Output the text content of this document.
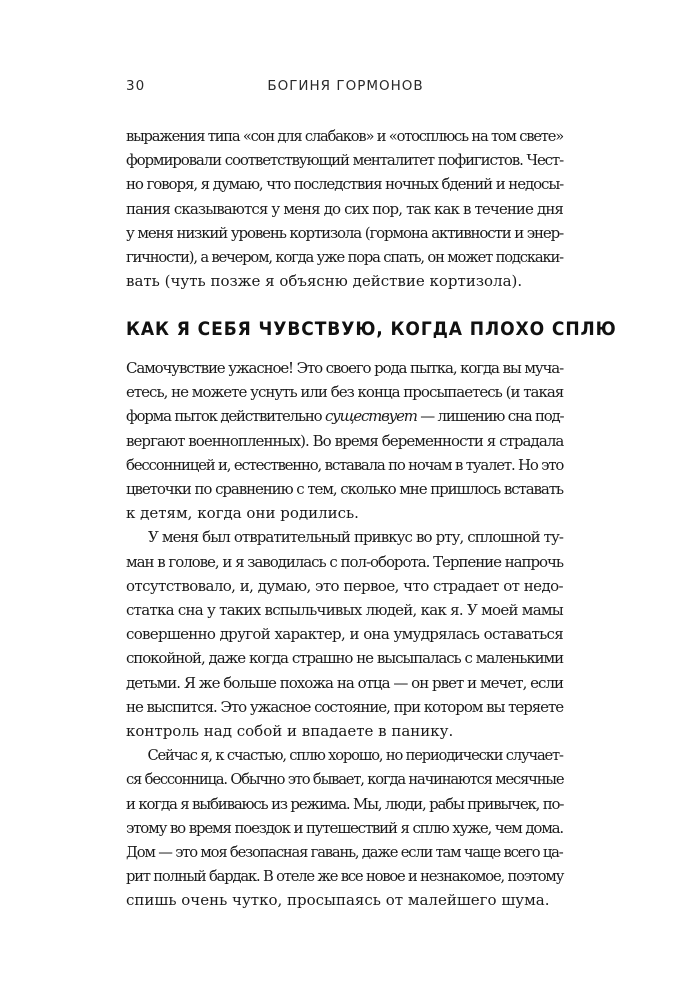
30	БОГИНЯ ГОРМОНОВ

выражения типа «сон для слабаков» и «отосплюсь на том свете»
формировали соответствующий менталитет пофигистов. Чест-
но говоря, я думаю, что последствия ночных бдений и недосы-
пания сказываются у меня до сих пор, так как в течение дня
у меня низкий уровень кортизола (гормона активности и энер-
гичности), а вечером, когда уже пора спать, он может подскаки-
вать (чуть позже я объясню действие кортизола).

КАК Я СЕБЯ ЧУВСТВУЮ, КОГДА ПЛОХО СПЛЮ

Самочувствие ужасное! Это своего рода пытка, когда вы муча-
етесь, не можете уснуть или без конца просыпаетесь (и такая
форма пыток действительно существует — лишению сна под-
вергают военнопленных). Во время беременности я страдала
бессонницей и, естественно, вставала по ночам в туалет. Но это
цветочки по сравнению с тем, сколько мне пришлось вставать
к детям, когда они родились.

У меня был отвратительный привкус во рту, сплошной ту-
ман в голове, и я заводилась с пол-оборота. Терпение напрочь
отсутствовало, и, думаю, это первое, что страдает от недо-
статка сна у таких вспыльчивых людей, как я. У моей мамы
совершенно другой характер, и она умудрялась оставаться
спокойной, даже когда страшно не высыпалась с маленькими
детьми. Я же больше похожа на отца — он рвет и мечет, если
не выспится. Это ужасное состояние, при котором вы теряете
контроль над собой и впадаете в панику.

Сейчас я, к счастью, сплю хорошо, но периодически случает-
ся бессонница. Обычно это бывает, когда начинаются месячные
и когда я выбиваюсь из режима. Мы, люди, рабы привычек, по-
этому во время поездок и путешествий я сплю хуже, чем дома.
Дом — это моя безопасная гавань, даже если там чаще всего ца-
рит полный бардак. В отеле же все новое и незнакомое, поэтому
спишь очень чутко, просыпаясь от малейшего шума.
